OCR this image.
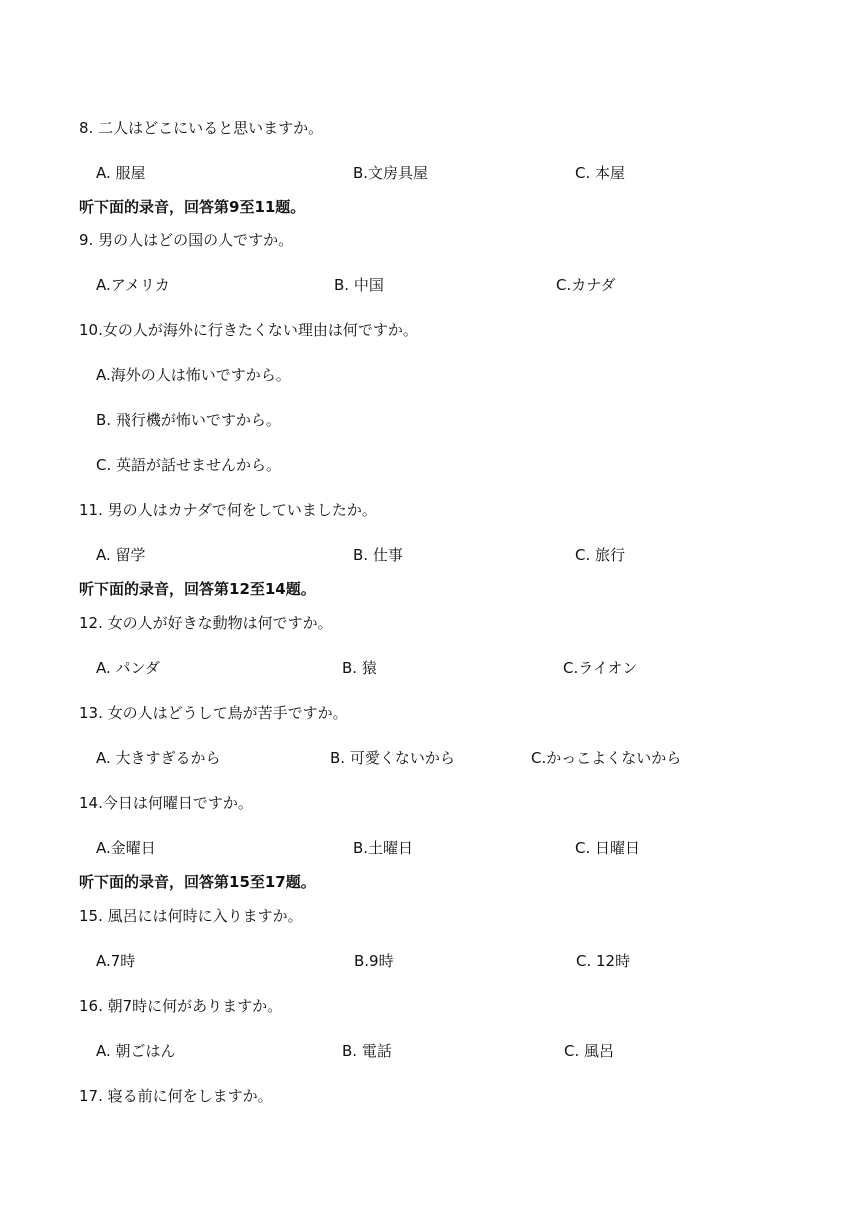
8. 二人はどこにいると思いますか。
A. 服屋	B.文房具屋	C. 本屋
听下面的录音，回答第9至11题。
9. 男の人はどの国の人ですか。
A.アメリカ	B. 中国	C.カナダ
10.女の人が海外に行きたくない理由は何ですか。
A.海外の人は怖いですから。
B. 飛行機が怖いですから。
C. 英語が話せませんから。
11. 男の人はカナダで何をしていましたか。
A. 留学	B. 仕事	C. 旅行
听下面的录音，回答第12至14题。
12. 女の人が好きな動物は何ですか。
A. パンダ	B. 猿	C.ライオン
13. 女の人はどうして鳥が苦手ですか。
A. 大きすぎるから	B. 可愛くないから	C.かっこよくないから
14.今日は何曜日ですか。
A.金曜日	B.土曜日	C. 日曜日
听下面的录音，回答第15至17题。
15. 風呂には何時に入りますか。
A.7時	B.9時	C. 12時
16. 朝7時に何がありますか。
A. 朝ごはん	B. 電話	C. 風呂
17. 寝る前に何をしますか。
